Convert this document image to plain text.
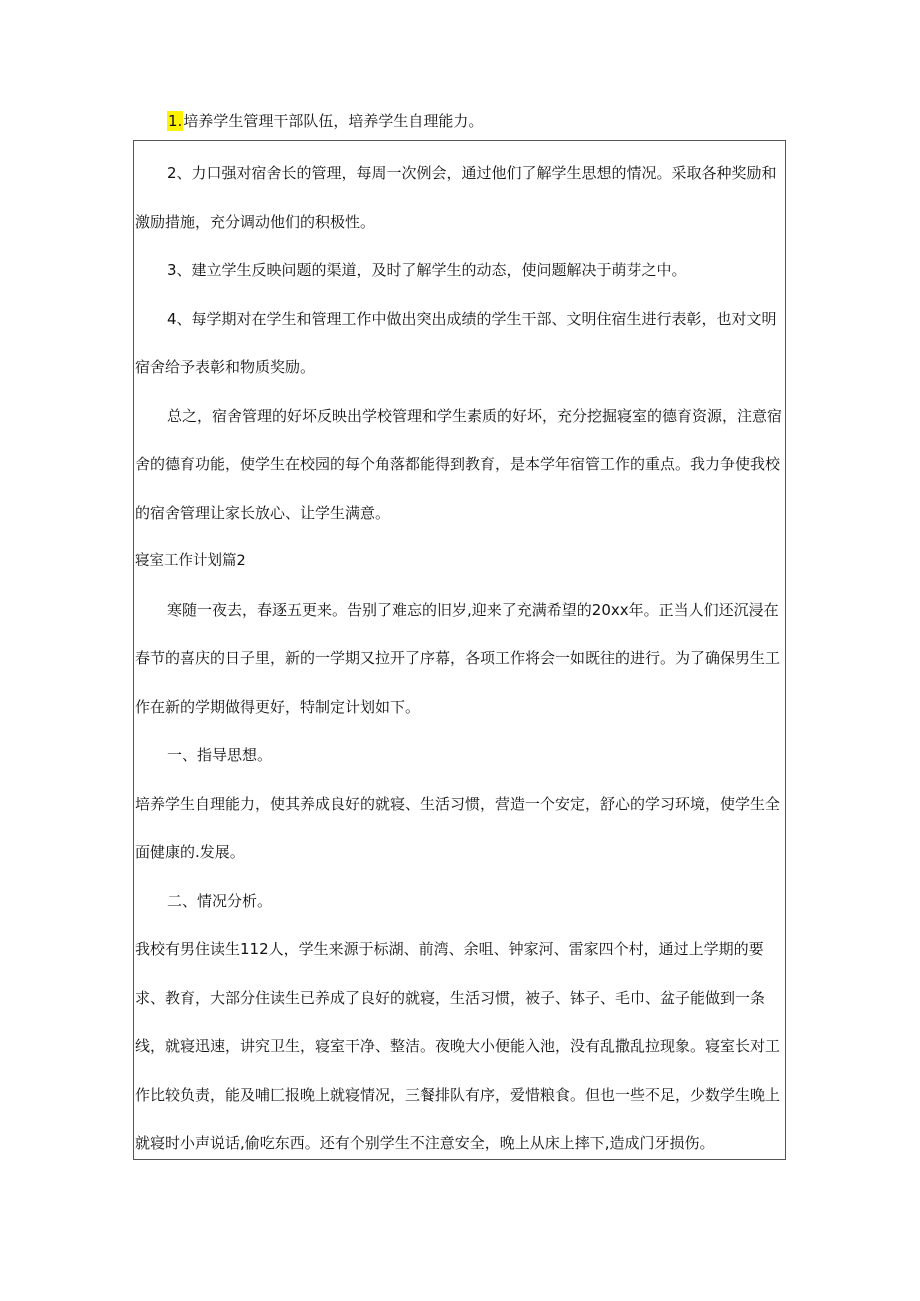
1.培养学生管理干部队伍，培养学生自理能力。

2、力口强对宿舍长的管理，每周一次例会，通过他们了解学生思想的情况。采取各种奖励和激励措施，充分调动他们的积极性。

3、建立学生反映问题的渠道，及时了解学生的动态，使问题解决于萌芽之中。

4、每学期对在学生和管理工作中做出突出成绩的学生干部、文明住宿生进行表彰，也对文明宿舍给予表彰和物质奖励。

总之，宿舍管理的好坏反映出学校管理和学生素质的好坏，充分挖掘寝室的德育资源，注意宿舍的德育功能，使学生在校园的每个角落都能得到教育，是本学年宿管工作的重点。我力争使我校的宿舍管理让家长放心、让学生满意。

寝室工作计划篇2

寒随一夜去，春逐五更来。告别了难忘的旧岁,迎来了充满希望的20xx年。正当人们还沉浸在春节的喜庆的日子里，新的一学期又拉开了序幕，各项工作将会一如既往的进行。为了确保男生工作在新的学期做得更好，特制定计划如下。

一、指导思想。

培养学生自理能力，使其养成良好的就寝、生活习惯，营造一个安定，舒心的学习环境，使学生全面健康的.发展。

二、情况分析。

我校有男住读生112人，学生来源于标湖、前湾、余咀、钟家河、雷家四个村，通过上学期的要求、教育，大部分住读生已养成了良好的就寝，生活习惯，被子、钵子、毛巾、盆子能做到一条线，就寝迅速，讲究卫生，寝室干净、整洁。夜晚大小便能入池，没有乱撒乱拉现象。寝室长对工作比较负责，能及哺匚报晚上就寝情况，三餐排队有序，爱惜粮食。但也一些不足，少数学生晚上就寝时小声说话,偷吃东西。还有个别学生不注意安全，晚上从床上摔下,造成门牙损伤。
